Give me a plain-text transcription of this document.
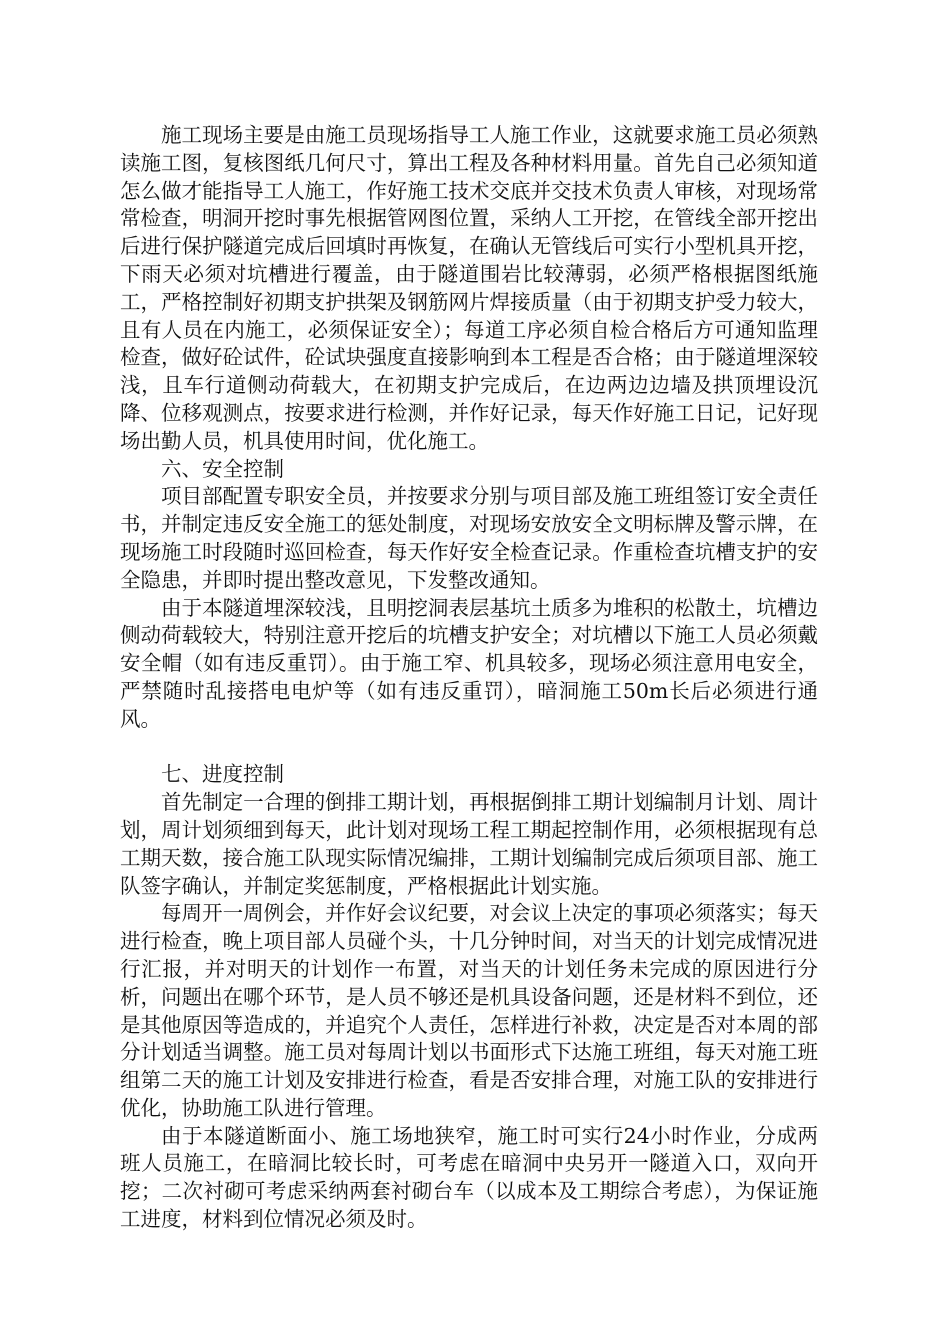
施工现场主要是由施工员现场指导工人施工作业，这就要求施工员必须熟读施工图，复核图纸几何尺寸，算出工程及各种材料用量。首先自己必须知道怎么做才能指导工人施工，作好施工技术交底并交技术负责人审核，对现场常常检查，明洞开挖时事先根据管网图位置，采纳人工开挖，在管线全部开挖出后进行保护隧道完成后回填时再恢复，在确认无管线后可实行小型机具开挖，下雨天必须对坑槽进行覆盖，由于隧道围岩比较薄弱，必须严格根据图纸施工，严格控制好初期支护拱架及钢筋网片焊接质量（由于初期支护受力较大，且有人员在内施工，必须保证安全）；每道工序必须自检合格后方可通知监理检查，做好砼试件，砼试块强度直接影响到本工程是否合格；由于隧道埋深较浅，且车行道侧动荷载大，在初期支护完成后，在边两边边墙及拱顶埋设沉降、位移观测点，按要求进行检测，并作好记录，每天作好施工日记，记好现场出勤人员，机具使用时间，优化施工。

六、安全控制

项目部配置专职安全员，并按要求分别与项目部及施工班组签订安全责任书，并制定违反安全施工的惩处制度，对现场安放安全文明标牌及警示牌，在现场施工时段随时巡回检查，每天作好安全检查记录。作重检查坑槽支护的安全隐患，并即时提出整改意见，下发整改通知。

由于本隧道埋深较浅，且明挖洞表层基坑土质多为堆积的松散土，坑槽边侧动荷载较大，特别注意开挖后的坑槽支护安全；对坑槽以下施工人员必须戴安全帽（如有违反重罚）。由于施工窄、机具较多，现场必须注意用电安全，严禁随时乱接搭电电炉等（如有违反重罚），暗洞施工50m长后必须进行通风。

七、进度控制

首先制定一合理的倒排工期计划，再根据倒排工期计划编制月计划、周计划，周计划须细到每天，此计划对现场工程工期起控制作用，必须根据现有总工期天数，接合施工队现实际情况编排，工期计划编制完成后须项目部、施工队签字确认，并制定奖惩制度，严格根据此计划实施。

每周开一周例会，并作好会议纪要，对会议上决定的事项必须落实；每天进行检查，晚上项目部人员碰个头，十几分钟时间，对当天的计划完成情况进行汇报，并对明天的计划作一布置，对当天的计划任务未完成的原因进行分析，问题出在哪个环节，是人员不够还是机具设备问题，还是材料不到位，还是其他原因等造成的，并追究个人责任，怎样进行补救，决定是否对本周的部分计划适当调整。施工员对每周计划以书面形式下达施工班组，每天对施工班组第二天的施工计划及安排进行检查，看是否安排合理，对施工队的安排进行优化，协助施工队进行管理。

由于本隧道断面小、施工场地狭窄，施工时可实行24小时作业，分成两班人员施工，在暗洞比较长时，可考虑在暗洞中央另开一隧道入口，双向开挖；二次衬砌可考虑采纳两套衬砌台车（以成本及工期综合考虑），为保证施工进度，材料到位情况必须及时。
